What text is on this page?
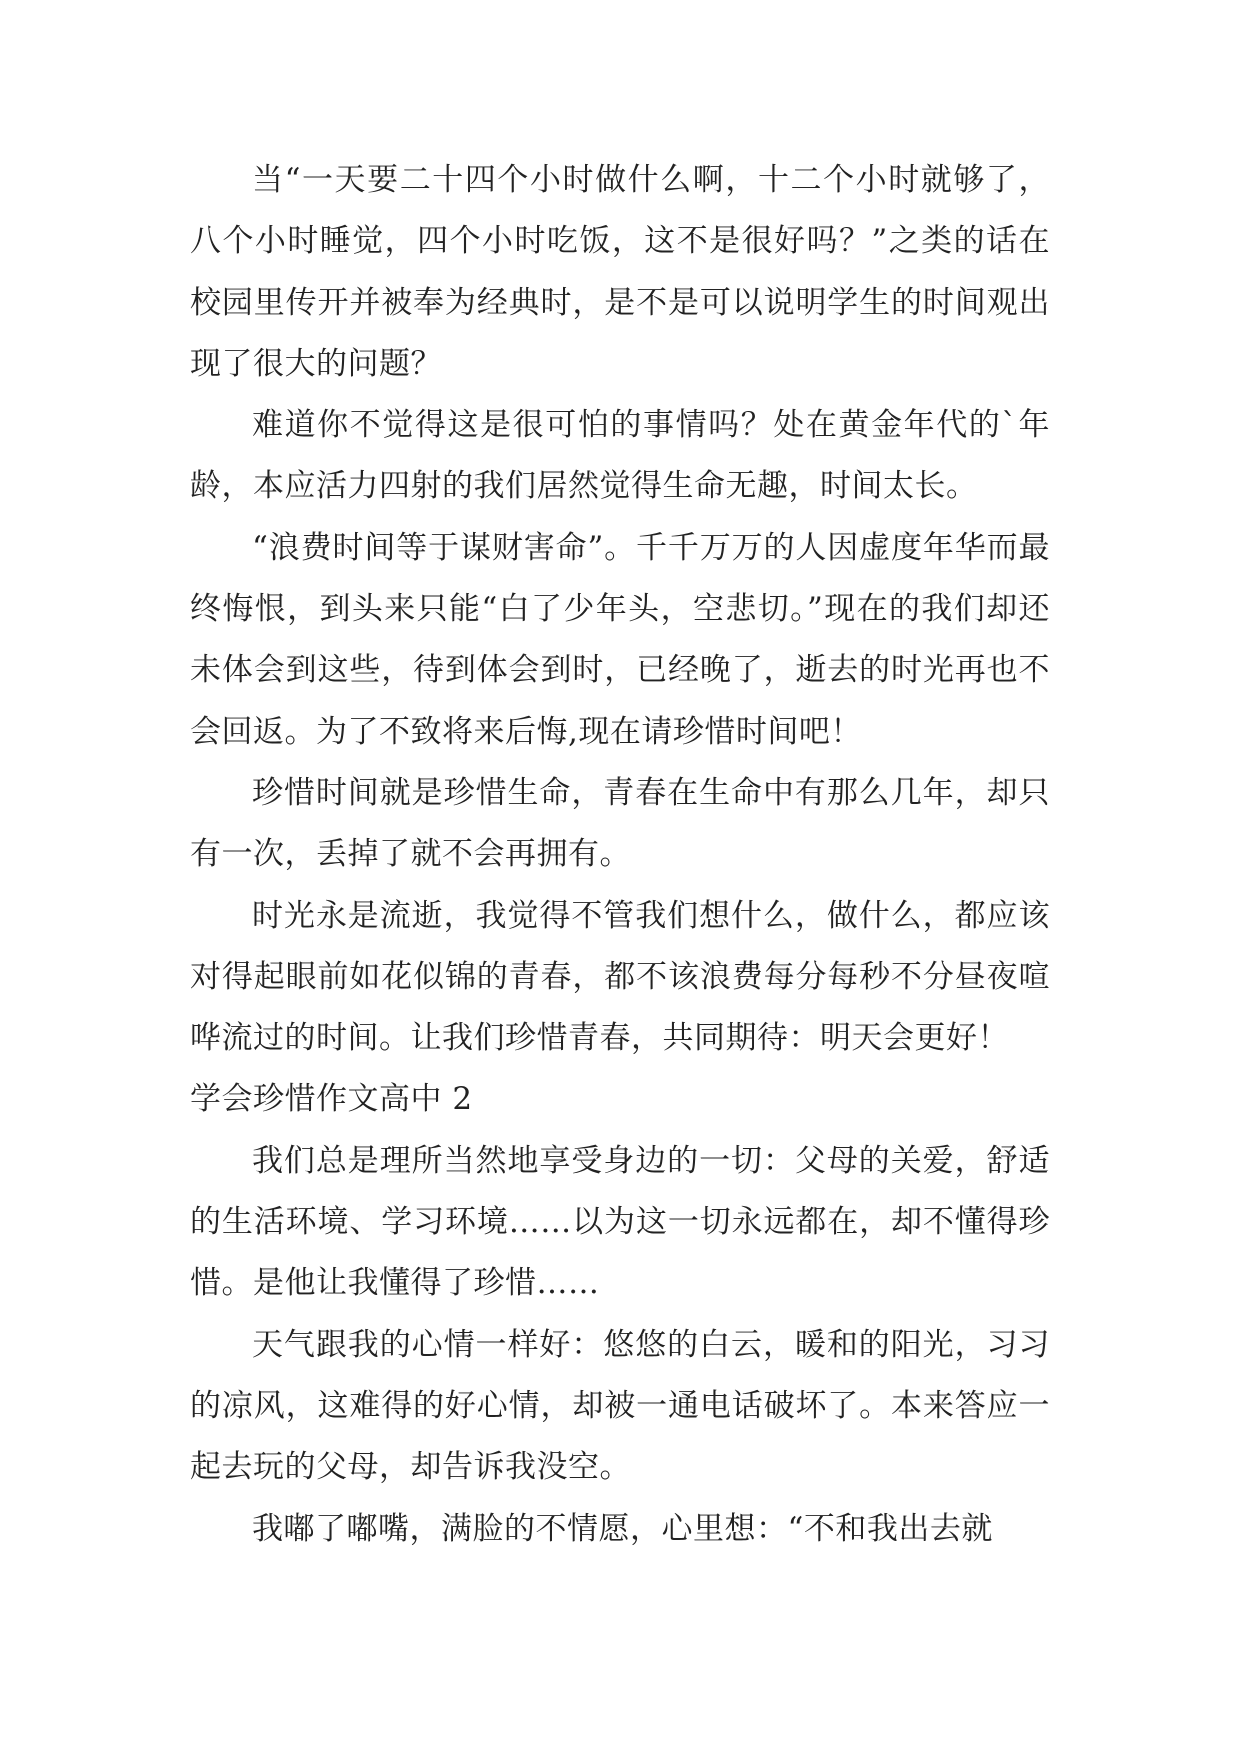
当“一天要二十四个小时做什么啊，十二个小时就够了，八个小时睡觉，四个小时吃饭，这不是很好吗？”之类的话在校园里传开并被奉为经典时，是不是可以说明学生的时间观出现了很大的问题？

难道你不觉得这是很可怕的事情吗？处在黄金年代的`年龄，本应活力四射的我们居然觉得生命无趣，时间太长。

“浪费时间等于谋财害命”。千千万万的人因虚度年华而最终悔恨，到头来只能“白了少年头，空悲切。”现在的我们却还未体会到这些，待到体会到时，已经晚了，逝去的时光再也不会回返。为了不致将来后悔,现在请珍惜时间吧！

珍惜时间就是珍惜生命，青春在生命中有那么几年，却只有一次，丢掉了就不会再拥有。

时光永是流逝，我觉得不管我们想什么，做什么，都应该对得起眼前如花似锦的青春，都不该浪费每分每秒不分昼夜喧哗流过的时间。让我们珍惜青春，共同期待：明天会更好！

学会珍惜作文高中 2

我们总是理所当然地享受身边的一切：父母的关爱，舒适的生活环境、学习环境……以为这一切永远都在，却不懂得珍惜。是他让我懂得了珍惜……

天气跟我的心情一样好：悠悠的白云，暖和的阳光，习习的凉风，这难得的好心情，却被一通电话破坏了。本来答应一起去玩的父母，却告诉我没空。

我嘟了嘟嘴，满脸的不情愿，心里想：“不和我出去就
